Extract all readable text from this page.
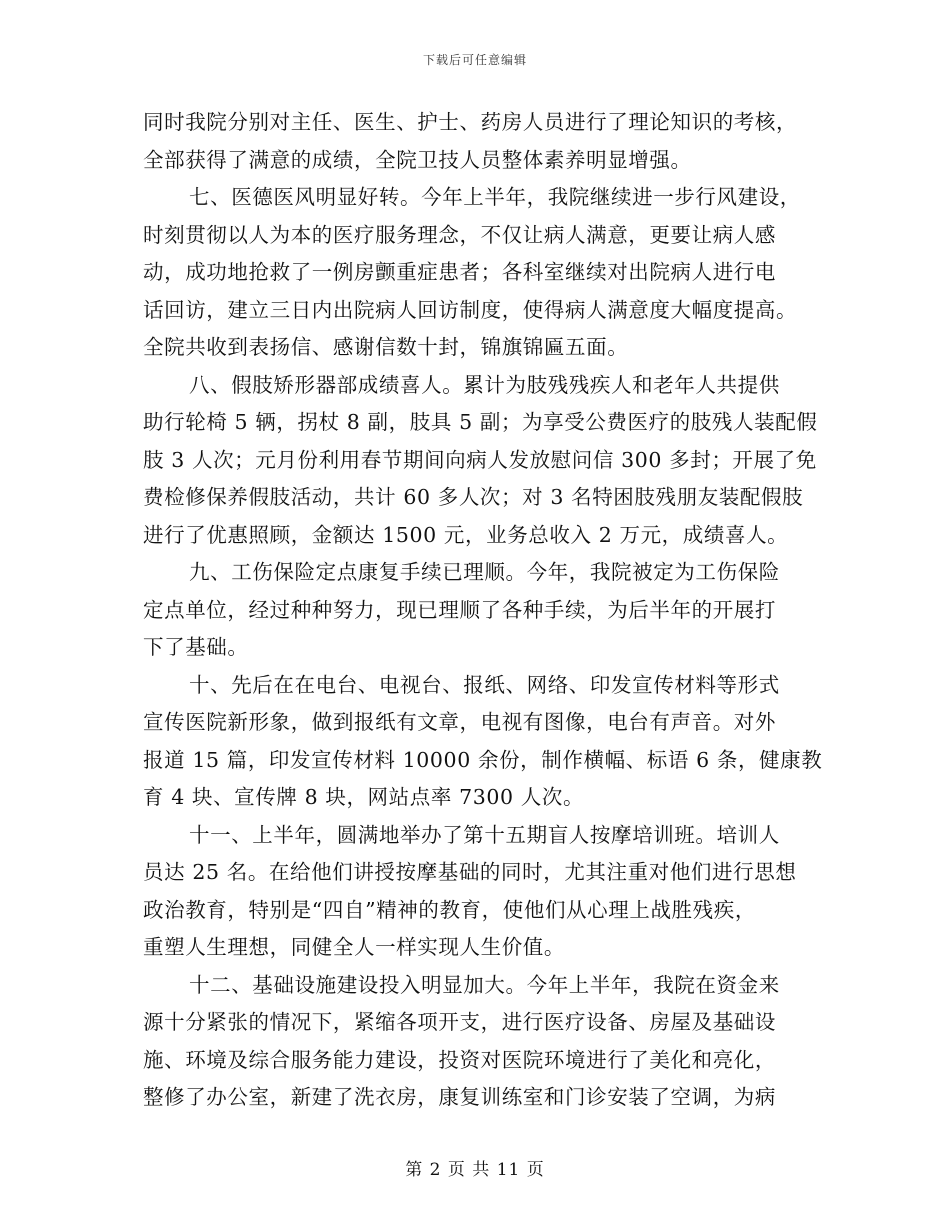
下载后可任意编辑
同时我院分别对主任、医生、护士、药房人员进行了理论知识的考核，
全部获得了满意的成绩，全院卫技人员整体素养明显增强。
七、医德医风明显好转。今年上半年，我院继续进一步行风建设，
时刻贯彻以人为本的医疗服务理念，不仅让病人满意，更要让病人感
动，成功地抢救了一例房颤重症患者；各科室继续对出院病人进行电
话回访，建立三日内出院病人回访制度，使得病人满意度大幅度提高。
全院共收到表扬信、感谢信数十封，锦旗锦匾五面。
八、假肢矫形器部成绩喜人。累计为肢残残疾人和老年人共提供
助行轮椅 5 辆，拐杖 8 副，肢具 5 副；为享受公费医疗的肢残人装配假
肢 3 人次；元月份利用春节期间向病人发放慰问信 300 多封；开展了免
费检修保养假肢活动，共计 60 多人次；对 3 名特困肢残朋友装配假肢
进行了优惠照顾，金额达 1500 元，业务总收入 2 万元，成绩喜人。
九、工伤保险定点康复手续已理顺。今年，我院被定为工伤保险
定点单位，经过种种努力，现已理顺了各种手续，为后半年的开展打
下了基础。
十、先后在在电台、电视台、报纸、网络、印发宣传材料等形式
宣传医院新形象，做到报纸有文章，电视有图像，电台有声音。对外
报道 15 篇，印发宣传材料 10000 余份，制作横幅、标语 6 条，健康教
育 4 块、宣传牌 8 块，网站点率 7300 人次。
十一、上半年，圆满地举办了第十五期盲人按摩培训班。培训人
员达 25 名。在给他们讲授按摩基础的同时，尤其注重对他们进行思想
政治教育，特别是“四自”精神的教育，使他们从心理上战胜残疾，
重塑人生理想，同健全人一样实现人生价值。
十二、基础设施建设投入明显加大。今年上半年，我院在资金来
源十分紧张的情况下，紧缩各项开支，进行医疗设备、房屋及基础设
施、环境及综合服务能力建设，投资对医院环境进行了美化和亮化，
整修了办公室，新建了洗衣房，康复训练室和门诊安装了空调，为病
第 2 页 共 11 页
